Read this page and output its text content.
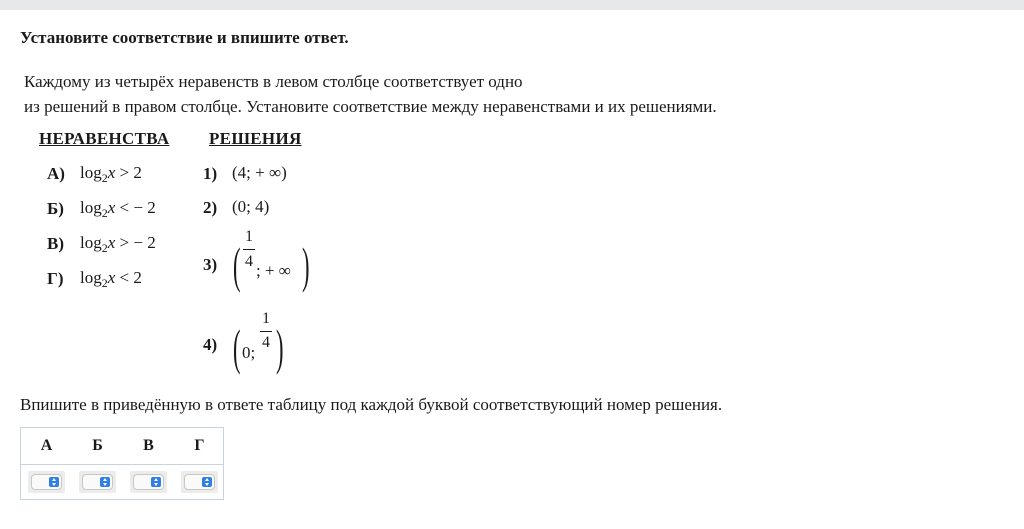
Установите соответствие и впишите ответ.
Каждому из четырёх неравенств в левом столбце соответствует одно
из решений в правом столбце. Установите соответствие между неравенствами и их решениями.
НЕРАВЕНСТВА РЕШЕНИЯ
А) $\log_2x > 2$
Б) $\log_2x$ < − 2
В) $\log_2x$ > − 2
Г) $\log_2x < 2$
1) (4; + ∞)
2) (0; 4)
3) (
1
4 ; + ∞ )
4) ( 0;
1
4 )
Впишите в приведённую в ответе таблицу под каждой буквой соответствующий номер решения.
А	Б	В	Г
